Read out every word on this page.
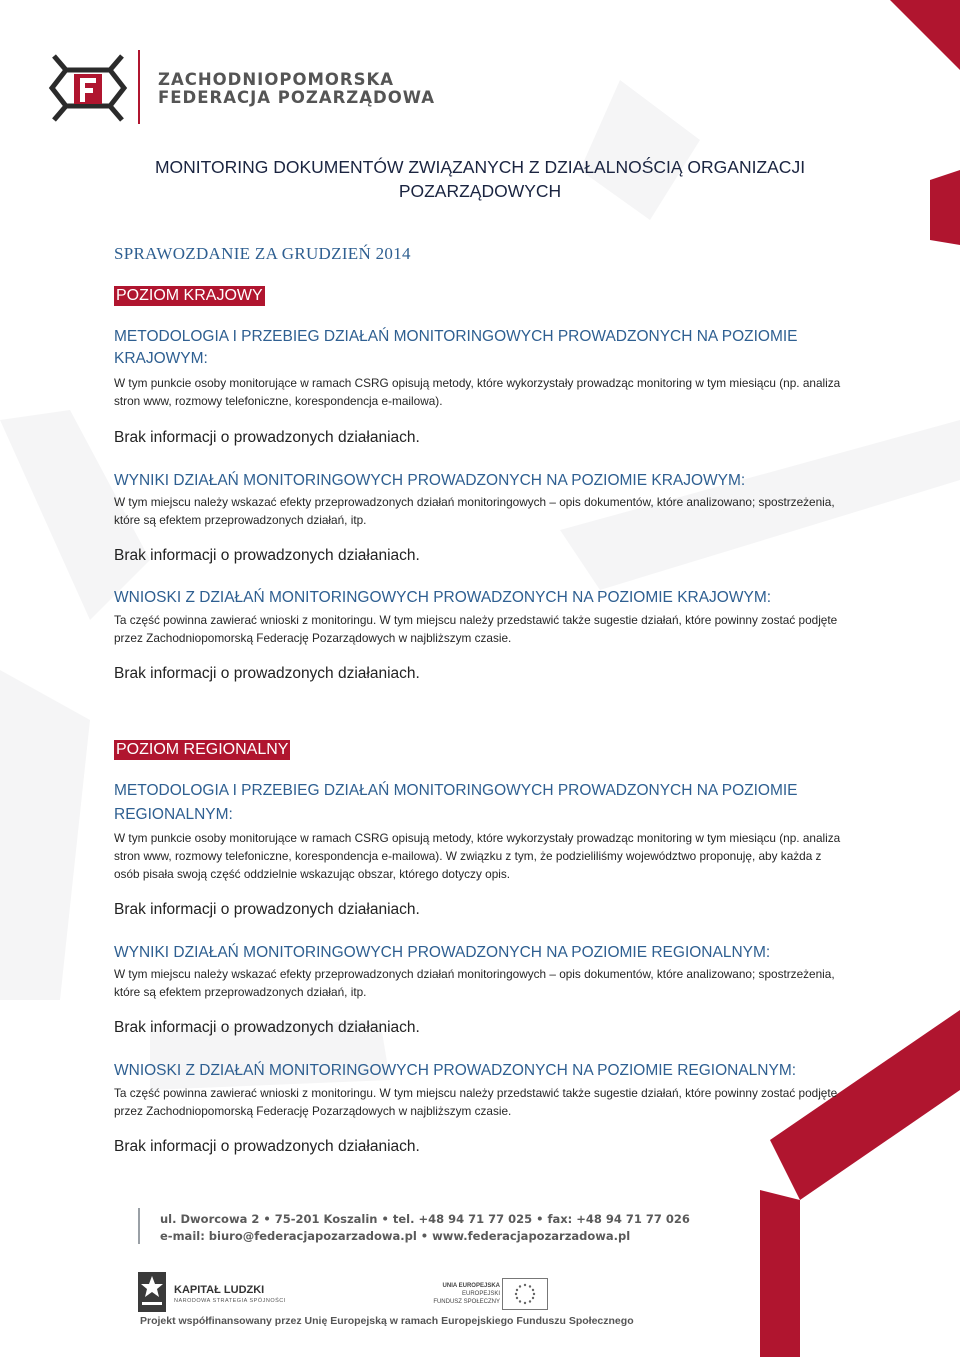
ZACHODNIOPOMORSKA
FEDERACJA POZARZĄDOWA
MONITORING DOKUMENTÓW ZWIĄZANYCH Z DZIAŁALNOŚCIĄ ORGANIZACJI
POZARZĄDOWYCH
SPRAWOZDANIE ZA GRUDZIEŃ 2014
POZIOM KRAJOWY
METODOLOGIA I PRZEBIEG DZIAŁAŃ MONITORINGOWYCH PROWADZONYCH NA POZIOMIE
KRAJOWYM:
W tym punkcie osoby monitorujące w ramach CSRG opisują metody, które wykorzystały prowadząc monitoring w tym miesiącu (np. analiza
stron www, rozmowy telefoniczne, korespondencja e-mailowa).
Brak informacji o prowadzonych działaniach.
WYNIKI DZIAŁAŃ MONITORINGOWYCH PROWADZONYCH NA POZIOMIE KRAJOWYM:
W tym miejscu należy wskazać efekty przeprowadzonych działań monitoringowych – opis dokumentów, które analizowano; spostrzeżenia,
które są efektem przeprowadzonych działań, itp.
Brak informacji o prowadzonych działaniach.
WNIOSKI Z DZIAŁAŃ MONITORINGOWYCH PROWADZONYCH NA POZIOMIE KRAJOWYM:
Ta część powinna zawierać wnioski z monitoringu. W tym miejscu należy przedstawić także sugestie działań, które powinny zostać podjęte
przez Zachodniopomorską Federację Pozarządowych w najbliższym czasie.
Brak informacji o prowadzonych działaniach.
POZIOM REGIONALNY
METODOLOGIA I PRZEBIEG DZIAŁAŃ MONITORINGOWYCH PROWADZONYCH NA POZIOMIE
REGIONALNYM:
W tym punkcie osoby monitorujące w ramach CSRG opisują metody, które wykorzystały prowadząc monitoring w tym miesiącu (np. analiza
stron www, rozmowy telefoniczne, korespondencja e-mailowa). W związku z tym, że podzieliliśmy województwo proponuję, aby każda z
osób pisała swoją część oddzielnie wskazując obszar, którego dotyczy opis.
Brak informacji o prowadzonych działaniach.
WYNIKI DZIAŁAŃ MONITORINGOWYCH PROWADZONYCH NA POZIOMIE REGIONALNYM:
W tym miejscu należy wskazać efekty przeprowadzonych działań monitoringowych – opis dokumentów, które analizowano; spostrzeżenia,
które są efektem przeprowadzonych działań, itp.
Brak informacji o prowadzonych działaniach.
WNIOSKI Z DZIAŁAŃ MONITORINGOWYCH PROWADZONYCH NA POZIOMIE REGIONALNYM:
Ta część powinna zawierać wnioski z monitoringu. W tym miejscu należy przedstawić także sugestie działań, które powinny zostać podjęte
przez Zachodniopomorską Federację Pozarządowych w najbliższym czasie.
Brak informacji o prowadzonych działaniach.
ul. Dworcowa 2 • 75-201 Koszalin • tel. +48 94 71 77 025 • fax: +48 94 71 77 026
e-mail: biuro@federacjapozarzadowa.pl • www.federacjapozarzadowa.pl
KAPITAŁ LUDZKI
NARODOWA STRATEGIA SPÓJNOŚCI
UNIA EUROPEJSKA
EUROPEJSKI
FUNDUSZ SPOŁECZNY
Projekt współfinansowany przez Unię Europejską w ramach Europejskiego Funduszu Społecznego
